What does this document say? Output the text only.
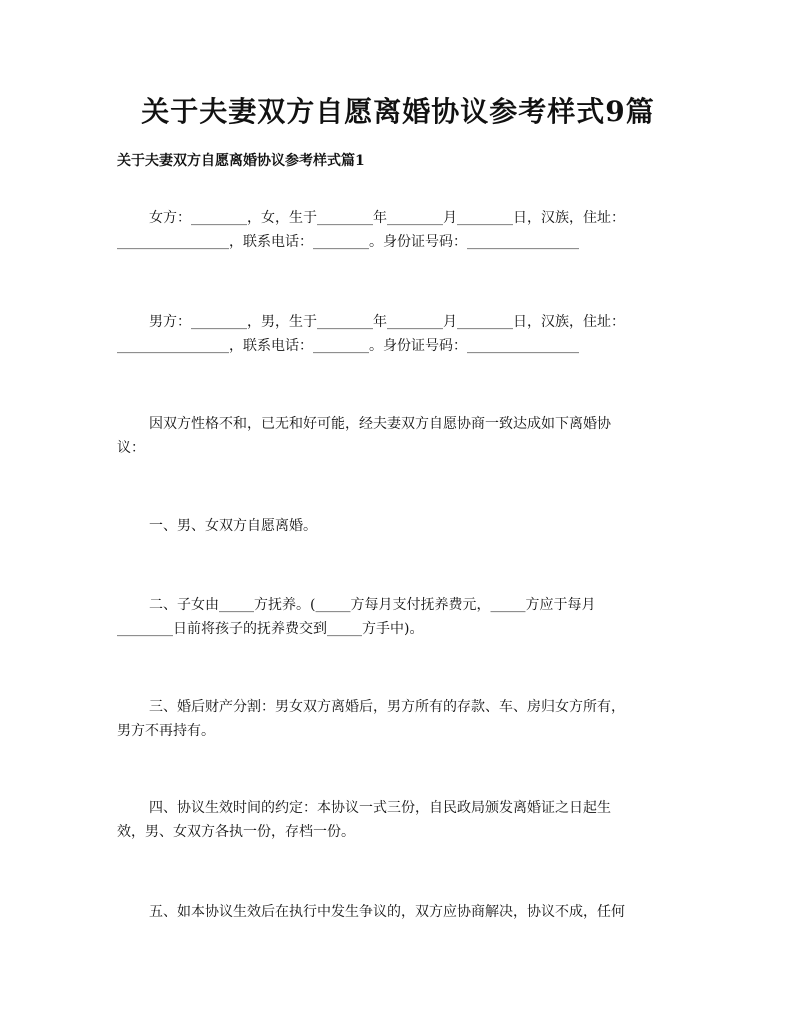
关于夫妻双方自愿离婚协议参考样式9篇
关于夫妻双方自愿离婚协议参考样式篇1
女方：________，女，生于________年________月________日，汉族，住址：
________________，联系电话：________。身份证号码：________________
男方：________，男，生于________年________月________日，汉族，住址：
________________，联系电话：________。身份证号码：________________
因双方性格不和，已无和好可能，经夫妻双方自愿协商一致达成如下离婚协
议：
一、男、女双方自愿离婚。
二、子女由_____方抚养。(_____方每月支付抚养费元，_____方应于每月
________日前将孩子的抚养费交到_____方手中)。
三、婚后财产分割：男女双方离婚后，男方所有的存款、车、房归女方所有，
男方不再持有。
四、协议生效时间的约定：本协议一式三份，自民政局颁发离婚证之日起生
效，男、女双方各执一份，存档一份。
五、如本协议生效后在执行中发生争议的，双方应协商解决，协议不成，任何
